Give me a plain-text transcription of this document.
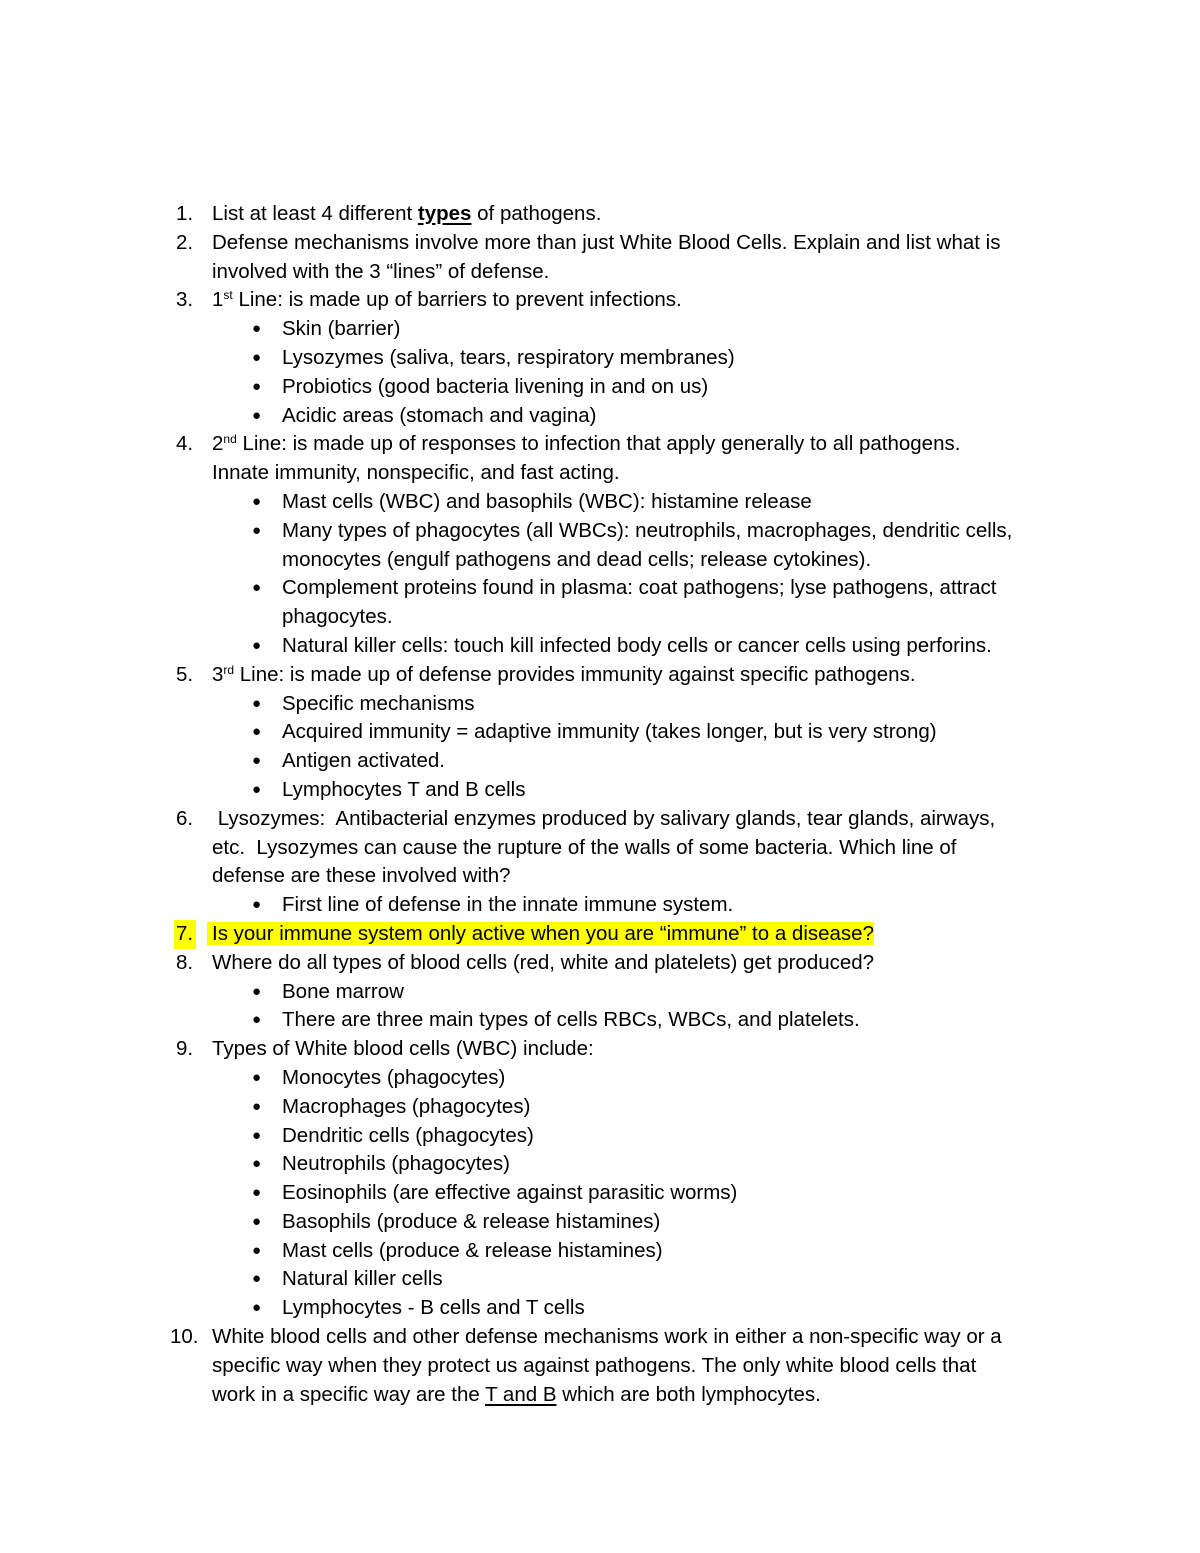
1. List at least 4 different types of pathogens.
2. Defense mechanisms involve more than just White Blood Cells. Explain and list what is
involved with the 3 “lines” of defense.
3. 1st Line: is made up of barriers to prevent infections.
● Skin (barrier)
● Lysozymes (saliva, tears, respiratory membranes)
● Probiotics (good bacteria livening in and on us)
● Acidic areas (stomach and vagina)
4. 2nd Line: is made up of responses to infection that apply generally to all pathogens.
Innate immunity, nonspecific, and fast acting.
● Mast cells (WBC) and basophils (WBC): histamine release
● Many types of phagocytes (all WBCs): neutrophils, macrophages, dendritic cells,
monocytes (engulf pathogens and dead cells; release cytokines).
● Complement proteins found in plasma: coat pathogens; lyse pathogens, attract
phagocytes.
● Natural killer cells: touch kill infected body cells or cancer cells using perforins.
5. 3rd Line: is made up of defense provides immunity against specific pathogens.
● Specific mechanisms
● Acquired immunity = adaptive immunity (takes longer, but is very strong)
● Antigen activated.
● Lymphocytes T and B cells
6. Lysozymes:  Antibacterial enzymes produced by salivary glands, tear glands, airways,
etc.  Lysozymes can cause the rupture of the walls of some bacteria. Which line of
defense are these involved with?
● First line of defense in the innate immune system.
7. Is your immune system only active when you are “immune” to a disease?
8. Where do all types of blood cells (red, white and platelets) get produced?
● Bone marrow
● There are three main types of cells RBCs, WBCs, and platelets.
9. Types of White blood cells (WBC) include:
● Monocytes (phagocytes)
● Macrophages (phagocytes)
● Dendritic cells (phagocytes)
● Neutrophils (phagocytes)
● Eosinophils (are effective against parasitic worms)
● Basophils (produce & release histamines)
● Mast cells (produce & release histamines)
● Natural killer cells
● Lymphocytes - B cells and T cells
10. White blood cells and other defense mechanisms work in either a non-specific way or a
specific way when they protect us against pathogens. The only white blood cells that
work in a specific way are the T and B which are both lymphocytes.
